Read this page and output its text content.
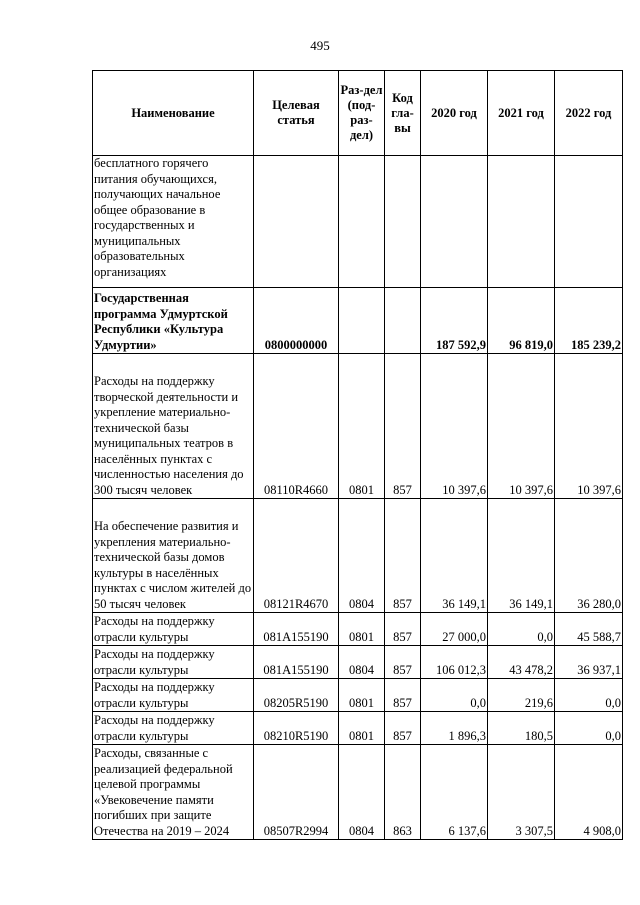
495
Наименование	Целевая статья	Раз-дел (под-раз-дел)	Код гла-вы	2020 год	2021 год	2022 год
бесплатного горячего питания обучающихся, получающих начальное общее образование в государственных и муниципальных образовательных организациях						
Государственная программа Удмуртской Республики «Культура Удмуртии»	0800000000			187 592,9	96 819,0	185 239,2
Расходы на поддержку творческой деятельности и укрепление материально-технической базы муниципальных театров в населённых пунктах с численностью населения до 300 тысяч человек	08110R4660	0801	857	10 397,6	10 397,6	10 397,6
На обеспечение развития и укрепления материально-технической базы домов культуры в населённых пунктах с числом жителей до 50 тысяч человек	08121R4670	0804	857	36 149,1	36 149,1	36 280,0
Расходы на поддержку отрасли культуры	081A155190	0801	857	27 000,0	0,0	45 588,7
Расходы на поддержку отрасли культуры	081A155190	0804	857	106 012,3	43 478,2	36 937,1
Расходы на поддержку отрасли культуры	08205R5190	0801	857	0,0	219,6	0,0
Расходы на поддержку отрасли культуры	08210R5190	0801	857	1 896,3	180,5	0,0
Расходы, связанные с реализацией федеральной целевой программы «Увековечение памяти погибших при защите Отечества на 2019 – 2024	08507R2994	0804	863	6 137,6	3 307,5	4 908,0
